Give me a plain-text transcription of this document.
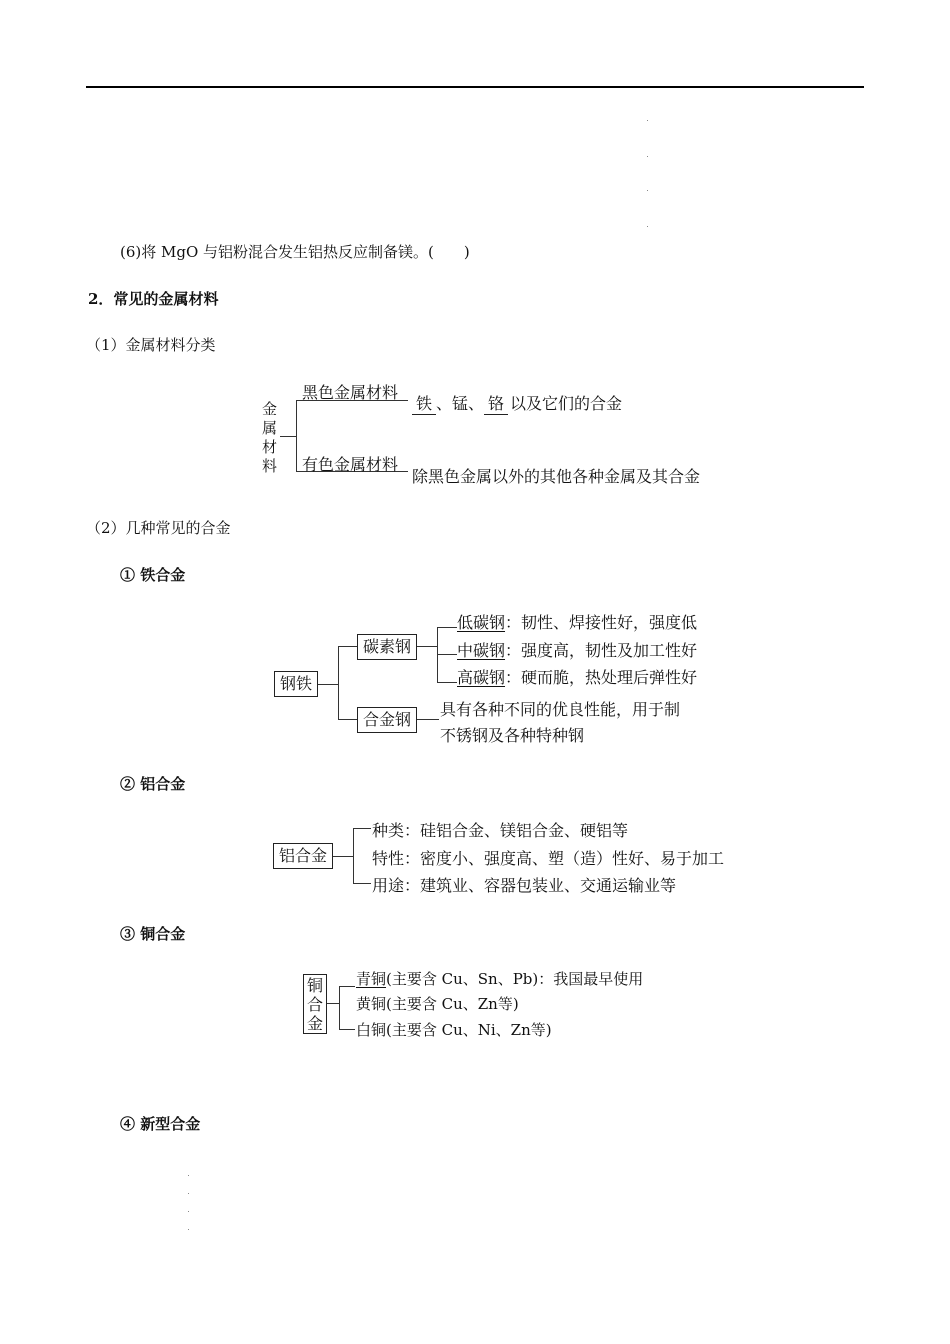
(6)将 MgO 与铝粉混合发生铝热反应制备镁。(　　)
2．常见的金属材料
（1）金属材料分类
金
属
材
料
黑色金属材料
有色金属材料
铁 、锰、 铬 以及它们的合金
除黑色金属以外的其他各种金属及其合金
（2）几种常见的合金
① 铁合金
钢铁
碳素钢
合金钢
低碳钢：韧性、焊接性好，强度低
中碳钢：强度高，韧性及加工性好
高碳钢：硬而脆，热处理后弹性好
具有各种不同的优良性能，用于制
不锈钢及各种特种钢
② 铝合金
铝合金
种类：硅铝合金、镁铝合金、硬铝等
特性：密度小、强度高、塑（造）性好、易于加工
用途：建筑业、容器包装业、交通运输业等
③ 铜合金
铜
合
金
青铜(主要含 Cu、Sn、Pb)：我国最早使用
黄铜(主要含 Cu、Zn等)
白铜(主要含 Cu、Ni、Zn等)
④ 新型合金
